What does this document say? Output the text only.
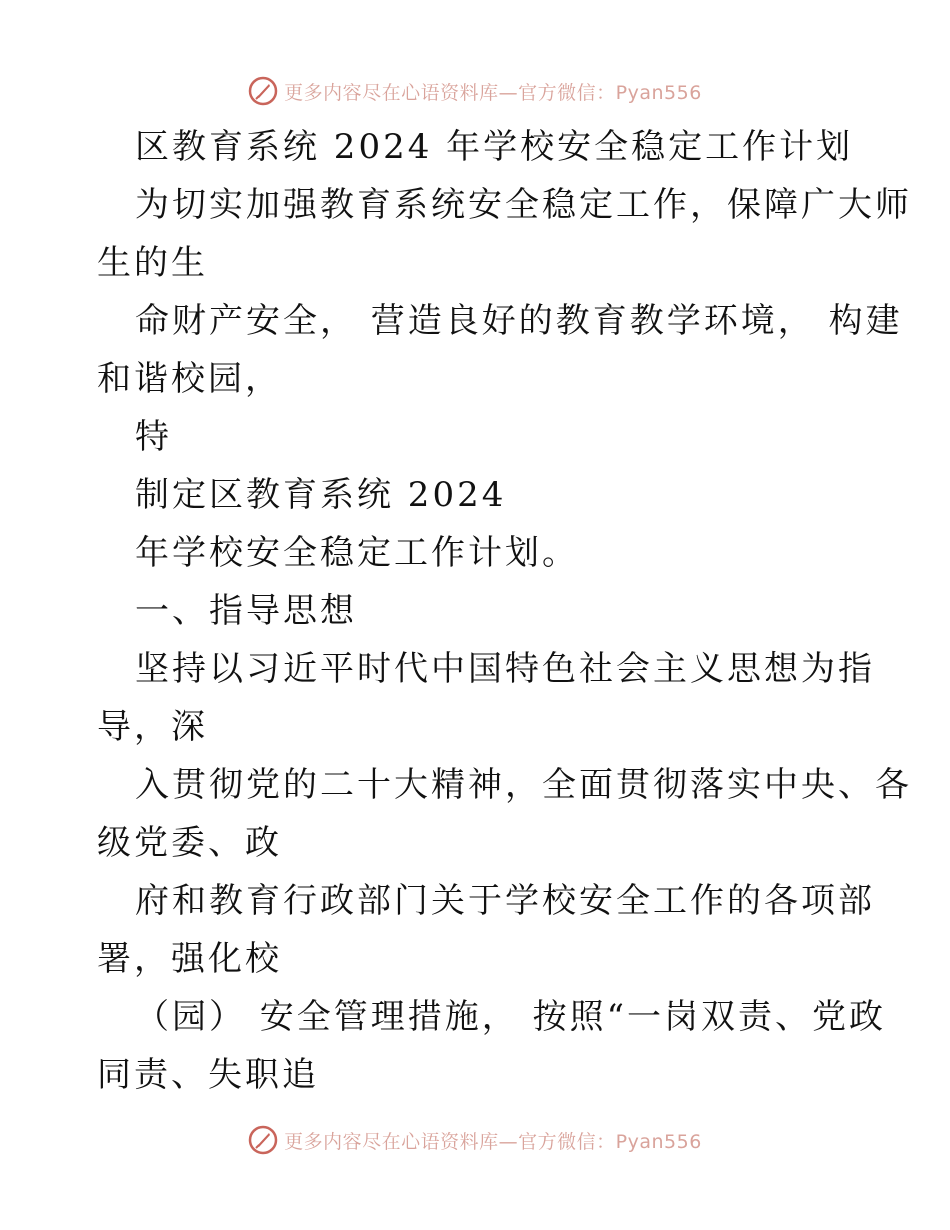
更多内容尽在心语资料库—官方微信：Pyan556
区教育系统 2024 年学校安全稳定工作计划
为切实加强教育系统安全稳定工作，保障广大师
生的生
命财产安全， 营造良好的教育教学环境， 构建
和谐校园，
特
制定区教育系统 2024
年学校安全稳定工作计划。
一、指导思想
坚持以习近平时代中国特色社会主义思想为指
导，深
入贯彻党的二十大精神，全面贯彻落实中央、各
级党委、政
府和教育行政部门关于学校安全工作的各项部
署，强化校
（园） 安全管理措施， 按照“一岗双责、党政
同责、失职追
更多内容尽在心语资料库—官方微信：Pyan556
